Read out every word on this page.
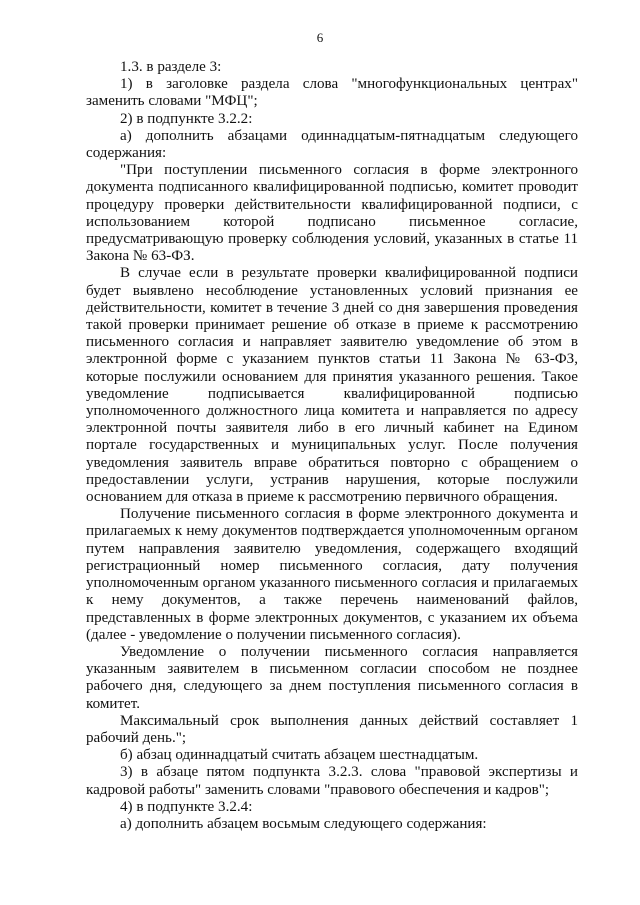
6

1.3. в разделе 3:

1) в заголовке раздела слова "многофункциональных центрах" заменить словами "МФЦ";

2) в подпункте 3.2.2:

а) дополнить абзацами одиннадцатым-пятнадцатым следующего содержания:

"При поступлении письменного согласия в форме электронного документа подписанного квалифицированной подписью, комитет проводит процедуру проверки действительности квалифицированной подписи, с использованием которой подписано письменное согласие, предусматривающую проверку соблюдения условий, указанных в статье 11 Закона № 63-ФЗ.

В случае если в результате проверки квалифицированной подписи будет выявлено несоблюдение установленных условий признания ее действительности, комитет в течение 3 дней со дня завершения проведения такой проверки принимает решение об отказе в приеме к рассмотрению письменного согласия и направляет заявителю уведомление об этом в электронной форме с указанием пунктов статьи 11 Закона № 63-ФЗ, которые послужили основанием для принятия указанного решения. Такое уведомление подписывается квалифицированной подписью уполномоченного должностного лица комитета и направляется по адресу электронной почты заявителя либо в его личный кабинет на Едином портале государственных и муниципальных услуг. После получения уведомления заявитель вправе обратиться повторно с обращением о предоставлении услуги, устранив нарушения, которые послужили основанием для отказа в приеме к рассмотрению первичного обращения.

Получение письменного согласия в форме электронного документа и прилагаемых к нему документов подтверждается уполномоченным органом путем направления заявителю уведомления, содержащего входящий регистрационный номер письменного согласия, дату получения уполномоченным органом указанного письменного согласия и прилагаемых к нему документов, а также перечень наименований файлов, представленных в форме электронных документов, с указанием их объема (далее - уведомление о получении письменного согласия).

Уведомление о получении письменного согласия направляется указанным заявителем в письменном согласии способом не позднее рабочего дня, следующего за днем поступления письменного согласия в комитет.

Максимальный срок выполнения данных действий составляет 1 рабочий день.";

б) абзац одиннадцатый считать абзацем шестнадцатым.

3) в абзаце пятом подпункта 3.2.3. слова "правовой экспертизы и кадровой работы" заменить словами "правового обеспечения и кадров";

4) в подпункте 3.2.4:

а) дополнить абзацем восьмым следующего содержания:
